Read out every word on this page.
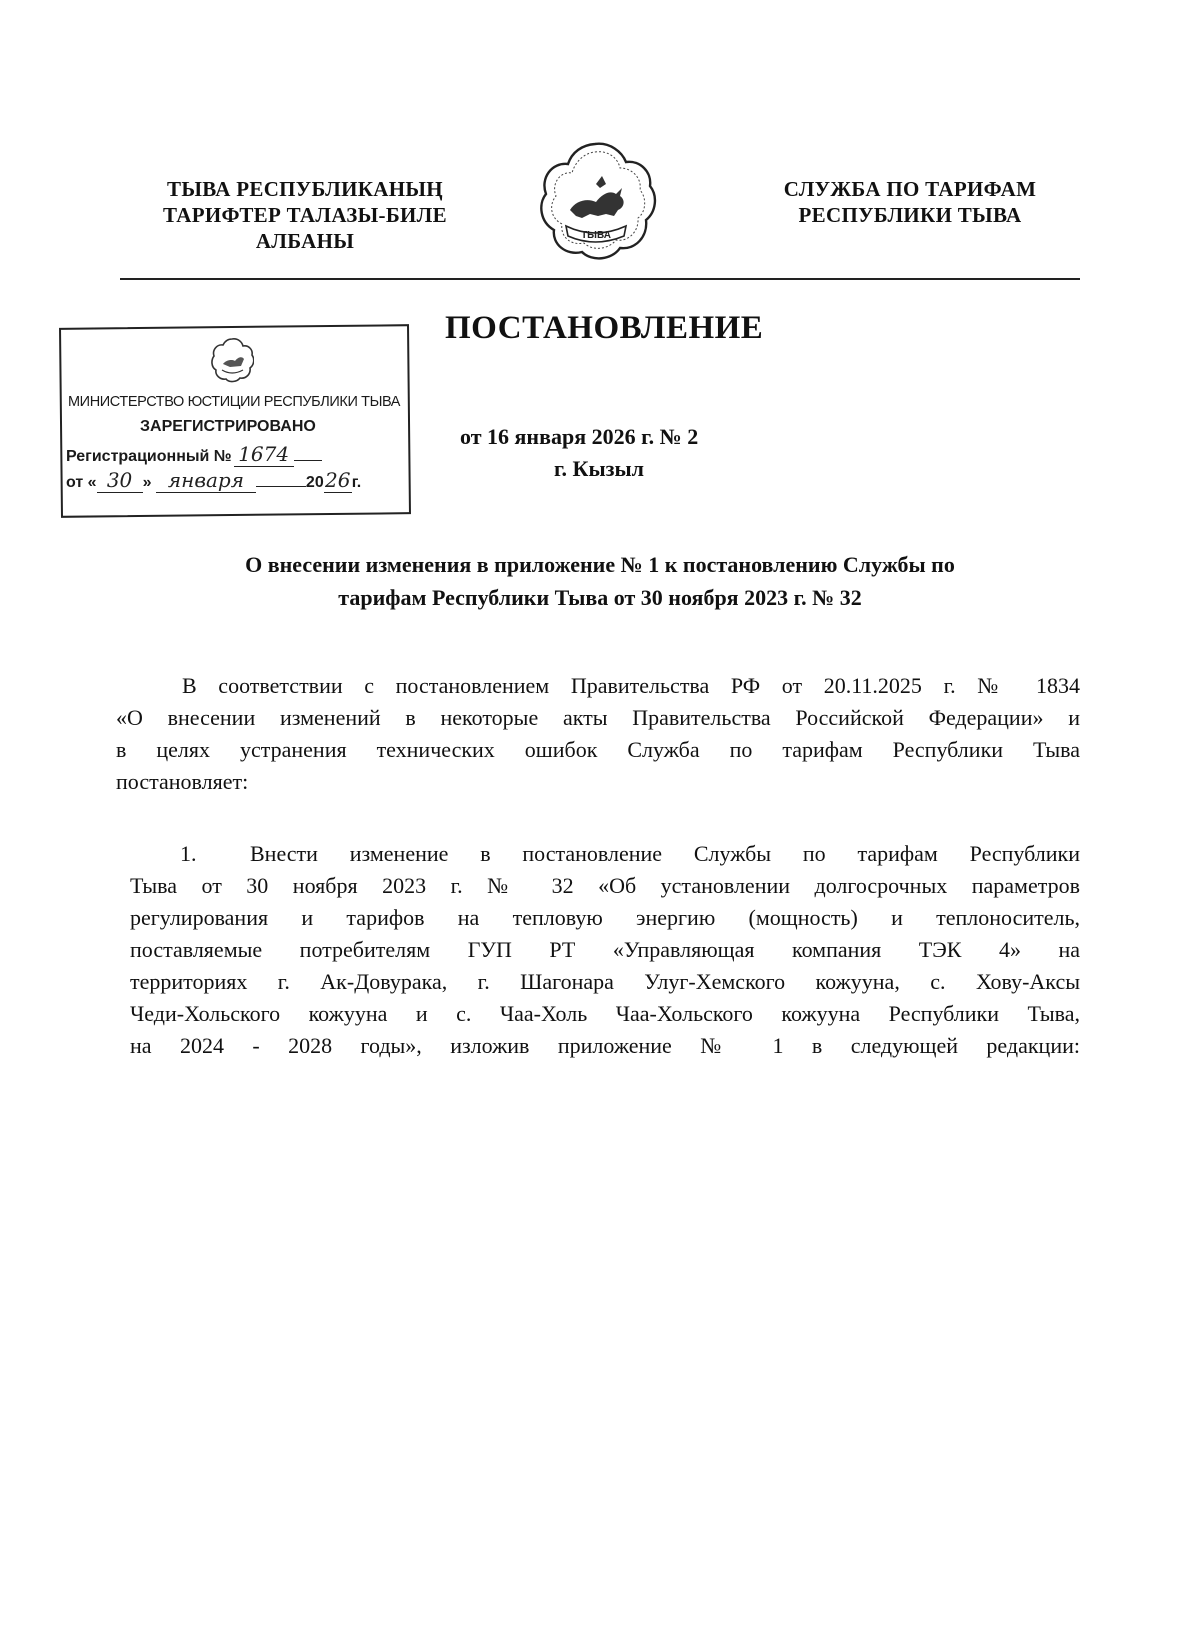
ТЫВА РЕСПУБЛИКАНЫҢ
ТАРИФТЕР ТАЛАЗЫ-БИЛЕ
АЛБАНЫ	ТЫВА
СЛУЖБА ПО ТАРИФАМ
РЕСПУБЛИКИ ТЫВА
МИНИСТЕРСТВО ЮСТИЦИИ РЕСПУБЛИКИ ТЫВА
ЗАРЕГИСТРИРОВАНО
Регистрационный № 1674
от « 30 » января	2026г.
ПОСТАНОВЛЕНИЕ
от 16 января 2026 г. № 2
г. Кызыл
О внесении изменения в приложение № 1 к постановлению Службы по
тарифам Республики Тыва от 30 ноября 2023 г. № 32
В соответствии с постановлением Правительства РФ от 20.11.2025 г. № 1834
«О внесении изменений в некоторые акты Правительства Российской Федерации» и
в целях устранения технических ошибок Служба по тарифам Республики Тыва
постановляет:
1. Внести изменение в постановление Службы по тарифам Республики
Тыва от 30 ноября 2023 г. № 32 «Об установлении долгосрочных параметров
регулирования и тарифов на тепловую энергию (мощность) и теплоноситель,
поставляемые потребителям ГУП РТ «Управляющая компания ТЭК 4» на
территориях г. Ак-Довурака, г. Шагонара Улуг-Хемского кожууна, с. Хову-Аксы
Чеди-Хольского кожууна и с. Чаа-Холь Чаа-Хольского кожууна Республики Тыва,
на 2024 - 2028 годы», изложив приложение № 1 в следующей редакции:
